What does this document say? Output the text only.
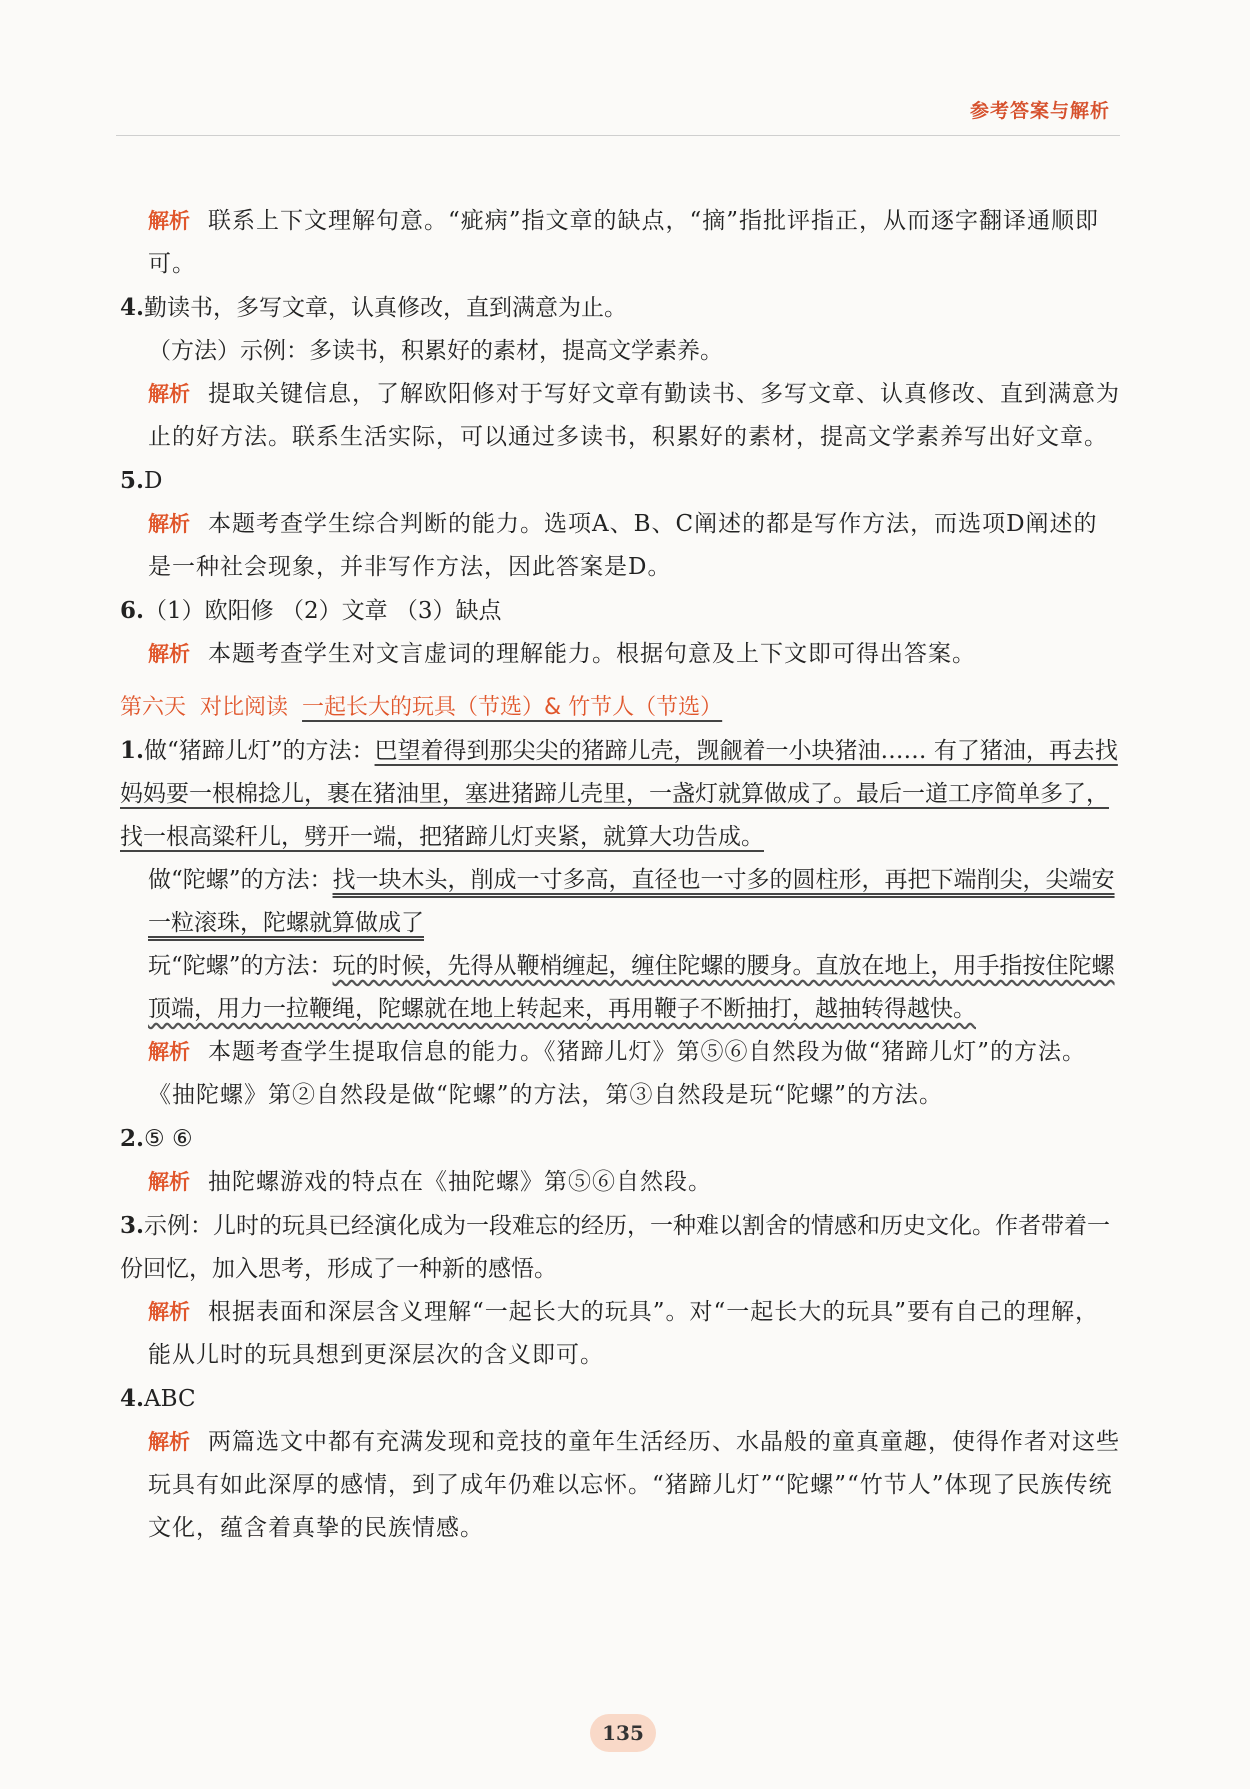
参考答案与解析

解析 联系上下文理解句意。“疵病”指文章的缺点，“摘”指批评指正，从而逐字翻译通顺即可。

4.勤读书，多写文章，认真修改，直到满意为止。

（方法）示例：多读书，积累好的素材，提高文学素养。

解析 提取关键信息，了解欧阳修对于写好文章有勤读书、多写文章、认真修改、直到满意为止的好方法。联系生活实际，可以通过多读书，积累好的素材，提高文学素养写出好文章。

5.D

解析 本题考查学生综合判断的能力。选项A、B、C阐述的都是写作方法，而选项D阐述的是一种社会现象，并非写作方法，因此答案是D。

6.（1）欧阳修 （2）文章 （3）缺点

解析 本题考查学生对文言虚词的理解能力。根据句意及上下文即可得出答案。

第六天 对比阅读 一起长大的玩具（节选）& 竹节人（节选）

1.做“猪蹄儿灯”的方法：巴望着得到那尖尖的猪蹄儿壳，觊觎着一小块猪油…… 有了猪油，再去找妈妈要一根棉捻儿，裹在猪油里，塞进猪蹄儿壳里，一盏灯就算做成了。最后一道工序简单多了，找一根高粱秆儿，劈开一端，把猪蹄儿灯夹紧，就算大功告成。

做“陀螺”的方法：找一块木头，削成一寸多高，直径也一寸多的圆柱形，再把下端削尖，尖端安一粒滚珠，陀螺就算做成了

玩“陀螺”的方法：玩的时候，先得从鞭梢缠起，缠住陀螺的腰身。直放在地上，用手指按住陀螺顶端，用力一拉鞭绳，陀螺就在地上转起来，再用鞭子不断抽打，越抽转得越快。

解析 本题考查学生提取信息的能力。《猪蹄儿灯》第⑤⑥自然段为做“猪蹄儿灯”的方法。《抽陀螺》第②自然段是做“陀螺”的方法，第③自然段是玩“陀螺”的方法。

2.⑤ ⑥

解析 抽陀螺游戏的特点在《抽陀螺》第⑤⑥自然段。

3.示例：儿时的玩具已经演化成为一段难忘的经历，一种难以割舍的情感和历史文化。作者带着一份回忆，加入思考，形成了一种新的感悟。

解析 根据表面和深层含义理解“一起长大的玩具”。对“一起长大的玩具”要有自己的理解，能从儿时的玩具想到更深层次的含义即可。

4.ABC

解析 两篇选文中都有充满发现和竞技的童年生活经历、水晶般的童真童趣，使得作者对这些玩具有如此深厚的感情，到了成年仍难以忘怀。“猪蹄儿灯”“陀螺”“竹节人”体现了民族传统文化，蕴含着真挚的民族情感。

135
